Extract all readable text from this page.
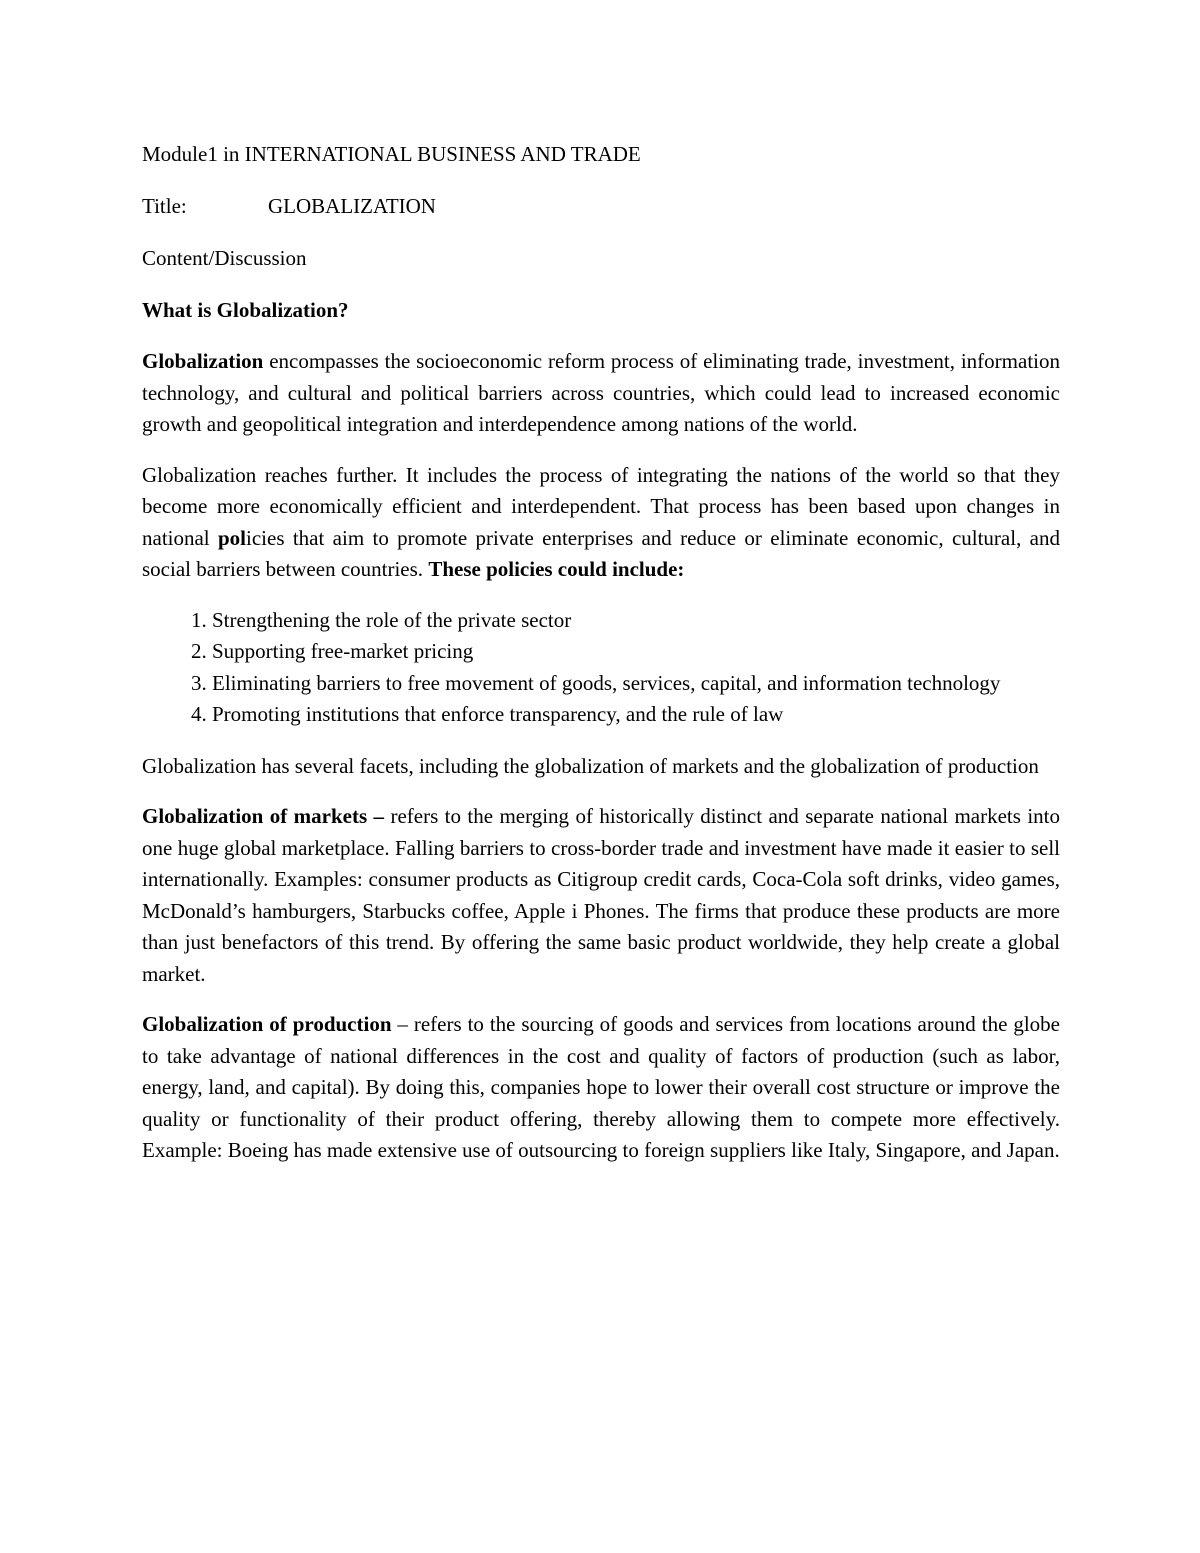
Module1 in INTERNATIONAL BUSINESS AND TRADE

Title:	GLOBALIZATION

Content/Discussion

What is Globalization?

Globalization encompasses the socioeconomic reform process of eliminating trade, investment, information technology, and cultural and political barriers across countries, which could lead to increased economic growth and geopolitical integration and interdependence among nations of the world.

Globalization reaches further. It includes the process of integrating the nations of the world so that they become more economically efficient and interdependent. That process has been based upon changes in national policies that aim to promote private enterprises and reduce or eliminate economic, cultural, and social barriers between countries. These policies could include:

1. Strengthening the role of the private sector
2. Supporting free-market pricing
3. Eliminating barriers to free movement of goods, services, capital, and information technology
4. Promoting institutions that enforce transparency, and the rule of law

Globalization has several facets, including the globalization of markets and the globalization of production

Globalization of markets – refers to the merging of historically distinct and separate national markets into one huge global marketplace. Falling barriers to cross-border trade and investment have made it easier to sell internationally. Examples: consumer products as Citigroup credit cards, Coca-Cola soft drinks, video games, McDonald’s hamburgers, Starbucks coffee, Apple i Phones. The firms that produce these products are more than just benefactors of this trend. By offering the same basic product worldwide, they help create a global market.

Globalization of production – refers to the sourcing of goods and services from locations around the globe to take advantage of national differences in the cost and quality of factors of production (such as labor, energy, land, and capital). By doing this, companies hope to lower their overall cost structure or improve the quality or functionality of their product offering, thereby allowing them to compete more effectively. Example: Boeing has made extensive use of outsourcing to foreign suppliers like Italy, Singapore, and Japan.
